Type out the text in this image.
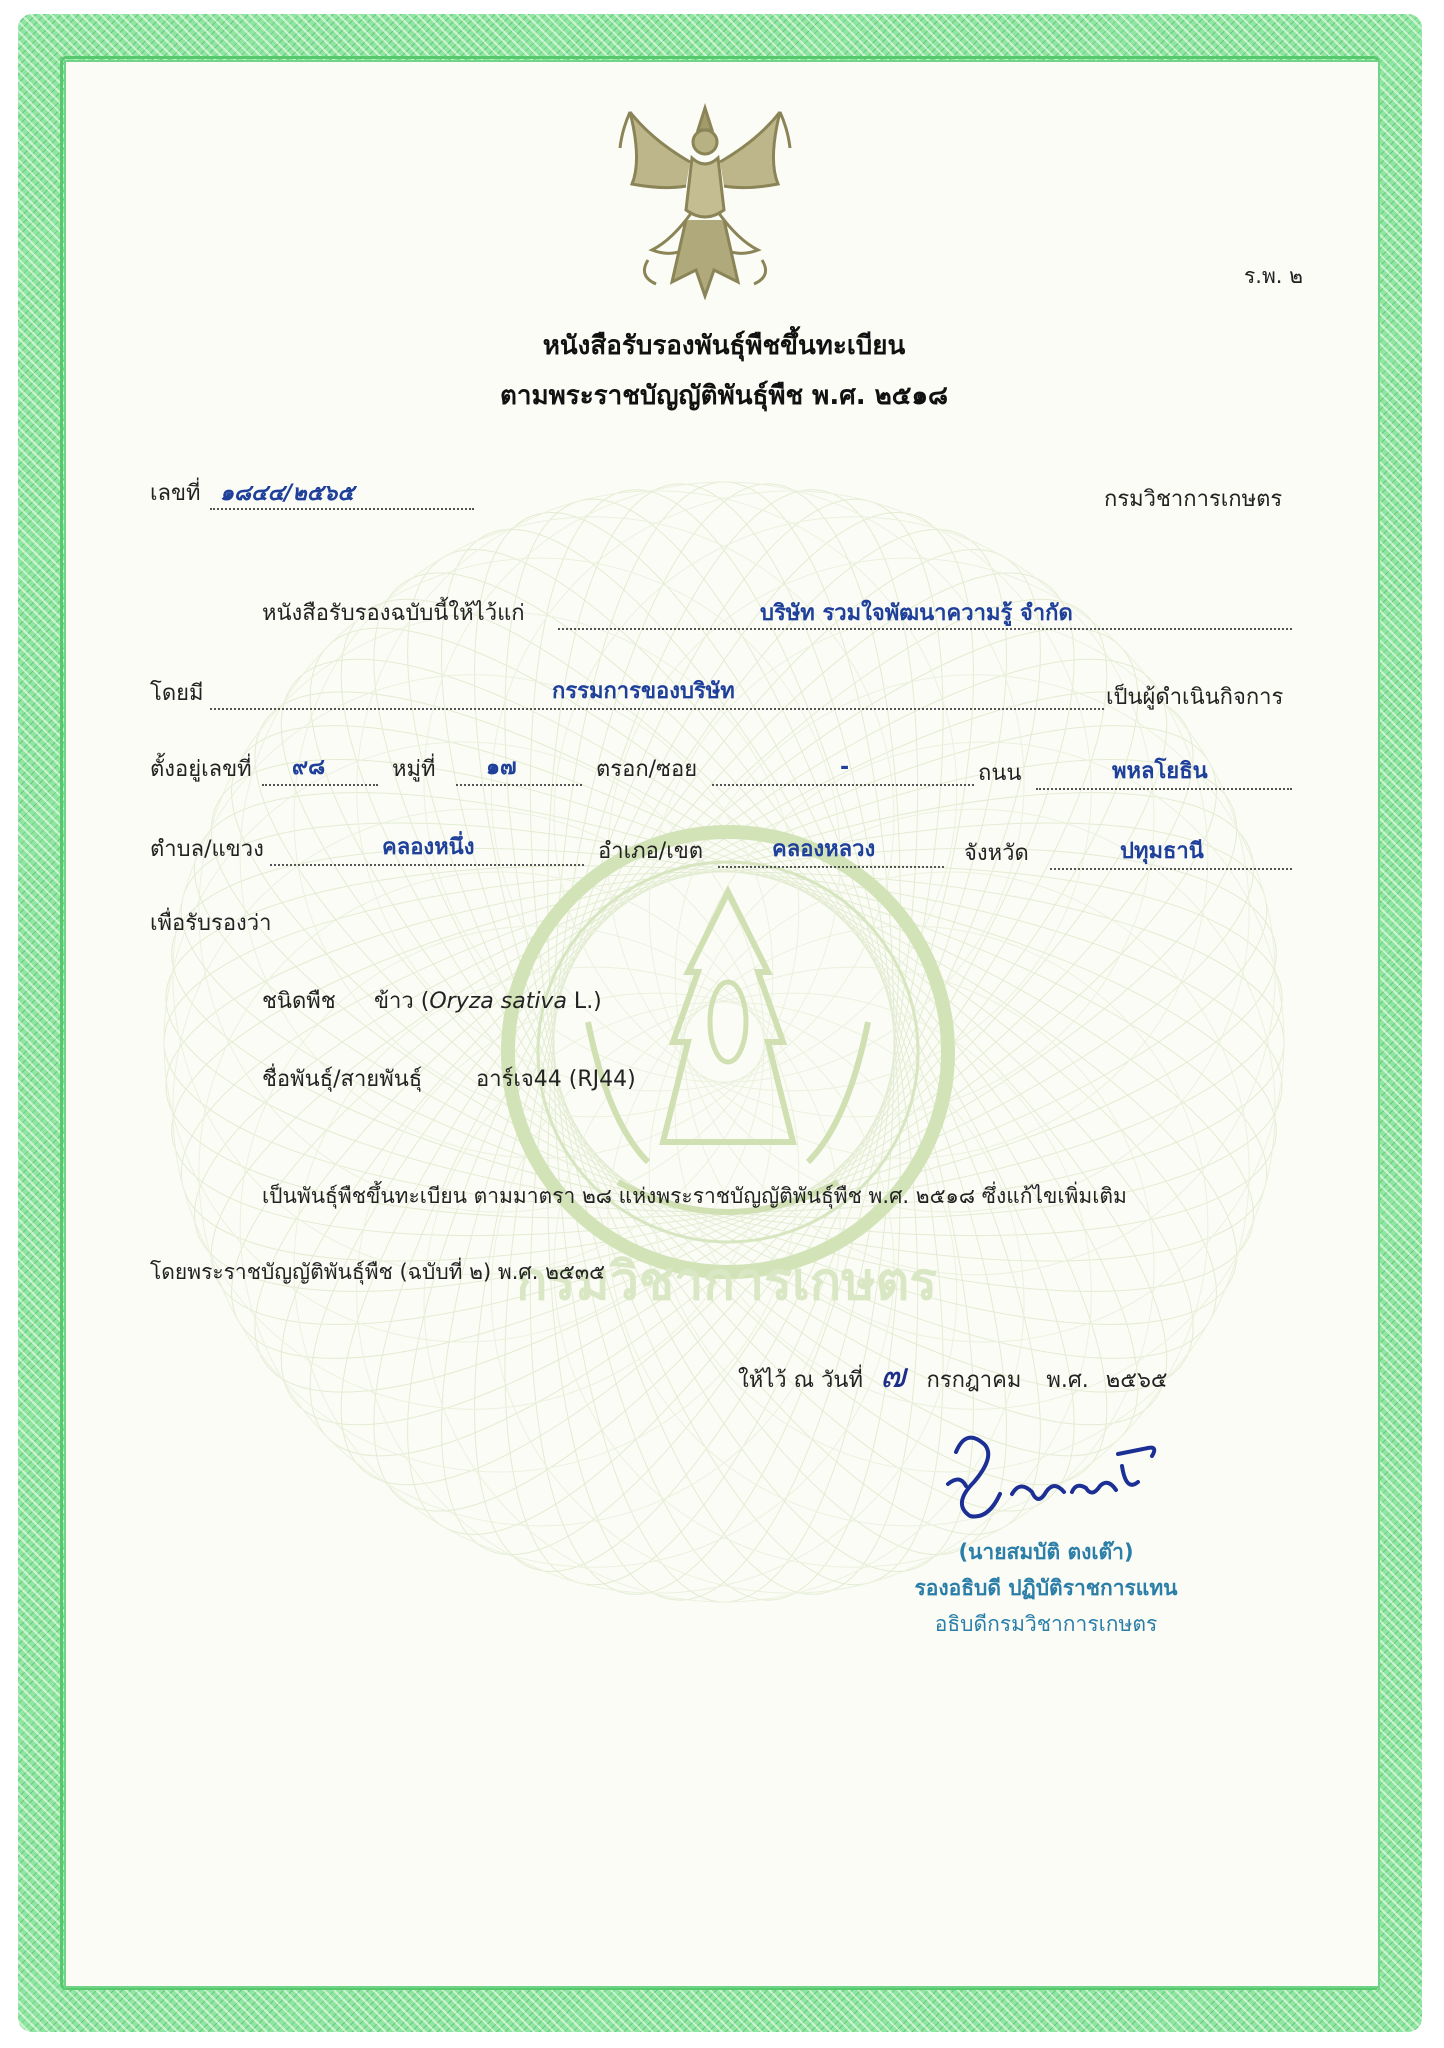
กรมวิชาการเกษตร
ร.พ. ๒
หนังสือรับรองพันธุ์พืชขึ้นทะเบียน
ตามพระราชบัญญัติพันธุ์พืช พ.ศ. ๒๕๑๘
เลขที่ ๑๘๔๔/๒๕๖๕	กรมวิชาการเกษตร
หนังสือรับรองฉบับนี้ให้ไว้แก่	บริษัท รวมใจพัฒนาความรู้ จำกัด
โดยมี	กรรมการของบริษัท	เป็นผู้ดำเนินกิจการ
ตั้งอยู่เลขที่ ๙๘	หมู่ที่ ๑๗	ตรอก/ซอย	-	ถนน	พหลโยธิน
ตำบล/แขวง	คลองหนึ่ง	อำเภอ/เขต	คลองหลวง	จังหวัด	ปทุมธานี
เพื่อรับรองว่า
ชนิดพืช ข้าว (Oryza sativa L.)
ชื่อพันธุ์/สายพันธุ์ อาร์เจ44 (RJ44)
เป็นพันธุ์พืชขึ้นทะเบียน ตามมาตรา ๒๘ แห่งพระราชบัญญัติพันธุ์พืช พ.ศ. ๒๕๑๘ ซึ่งแก้ไขเพิ่มเติม
โดยพระราชบัญญัติพันธุ์พืช (ฉบับที่ ๒) พ.ศ. ๒๕๓๕
ให้ไว้ ณ วันที่ ๗ กรกฎาคม พ.ศ. ๒๕๖๕
(นายสมบัติ ตงเต๊า)
รองอธิบดี ปฏิบัติราชการแทน
อธิบดีกรมวิชาการเกษตร
